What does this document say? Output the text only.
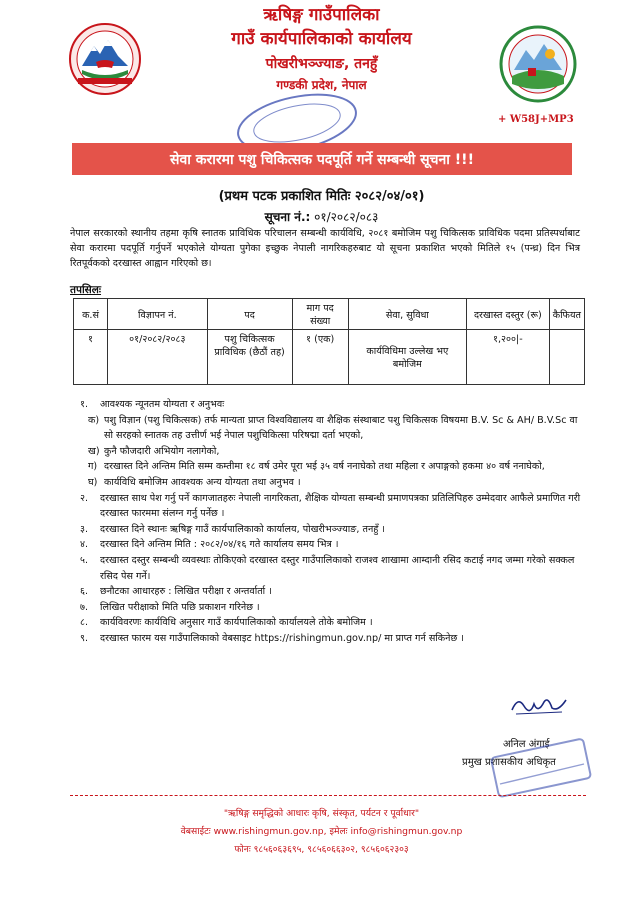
ऋषिङ्ग गाउँपालिका
गाउँ कार्यपालिकाको कार्यालय
पोखरीभञ्ज्याङ, तनहुँ
गण्डकी प्रदेश, नेपाल
+ W58J+MP3
सेवा करारमा पशु चिकित्सक पदपूर्ति गर्ने सम्बन्धी सूचना !!!
(प्रथम पटक प्रकाशित मितिः २०८२/०४/०१)
सूचना नं.: ०१/२०८२/०८३
नेपाल सरकारको स्थानीय तहमा कृषि स्नातक प्राविधिक परिचालन सम्बन्धी कार्यविधि, २०८१ बमोजिम पशु चिकित्सक प्राविधिक पदमा प्रतिस्पर्धाबाट सेवा करारमा पदपूर्ति गर्नुपर्ने भएकोले योग्यता पुगेका इच्छुक नेपाली नागरिकहरुबाट यो सूचना प्रकाशित भएको मितिले १५ (पन्ध्र) दिन भित्र रितपूर्वकको दरखास्त आह्वान गरिएको छ।
तपसिलः
क.सं	विज्ञापन नं.	पद	माग पद संख्या	सेवा, सुविधा	दरखास्त दस्तुर (रू)	कैफियत
१	०१/२०८२/२०८३	पशु चिकित्सक प्राविधिक (छैठौं तह)	१ (एक)	कार्यविधिमा उल्लेख भए बमोजिम	१,२००|-	
१. आवश्यक न्यूनतम योग्यता र अनुभवः
क) पशु विज्ञान (पशु चिकित्सक) तर्फ मान्यता प्राप्त विश्वविद्यालय वा शैक्षिक संस्थाबाट पशु चिकित्सक विषयमा B.V. Sc & AH/ B.V.Sc वा सो सरहको स्नातक तह उत्तीर्ण भई नेपाल पशुचिकित्सा परिषद्मा दर्ता भएको,
ख) कुनै फौजदारी अभियोग नलागेको,
ग) दरखास्त दिने अन्तिम मिति सम्म कम्तीमा १८ वर्ष उमेर पूरा भई ३५ वर्ष ननाघेको तथा महिला र अपाङ्गको हकमा ४० वर्ष ननाघेको,
घ) कार्यविधि बमोजिम आवश्यक अन्य योग्यता तथा अनुभव ।
२. दरखास्त साथ पेश गर्नु पर्ने कागजातहरुः नेपाली नागरिकता, शैक्षिक योग्यता सम्बन्धी प्रमाणपत्रका प्रतिलिपिहरु उम्मेदवार आफैले प्रमाणित गरी दरखास्त फारममा संलग्न गर्नु पर्नेछ ।
३. दरखास्त दिने स्थानः ऋषिङ्ग गाउँ कार्यपालिकाको कार्यालय, पोखरीभञ्ज्याङ, तनहुँ ।
४. दरखास्त दिने अन्तिम मिति : २०८२/०४/१६ गते कार्यालय समय भित्र ।
५. दरखास्त दस्तुर सम्बन्धी व्यवस्थाः तोकिएको दरखास्त दस्तुर गाउँपालिकाको राजश्व शाखामा आम्दानी रसिद कटाई नगद जम्मा गरेको सक्कल रसिद पेस गर्ने।
६. छनौटका आधारहरु : लिखित परीक्षा र अन्तर्वार्ता ।
७. लिखित परीक्षाको मिति पछि प्रकाशन गरिनेछ ।
८. कार्यविवरणः कार्यविधि अनुसार गाउँ कार्यपालिकाको कार्यालयले तोके बमोजिम ।
९. दरखास्त फारम यस गाउँपालिकाको वेबसाइट https://rishingmun.gov.np/ मा प्राप्त गर्न सकिनेछ ।
अनिल अंगाई
प्रमुख प्रशासकीय अधिकृत
"ऋषिङ्ग समृद्धिको आधारः कृषि, संस्कृत, पर्यटन र पूर्वाधार"
वेबसाईटः www.rishingmun.gov.np, इमेलः info@rishingmun.gov.np
फोनः ९८५६०६३६९५, ९८५६०६६३०२, ९८५६०६२३०३
